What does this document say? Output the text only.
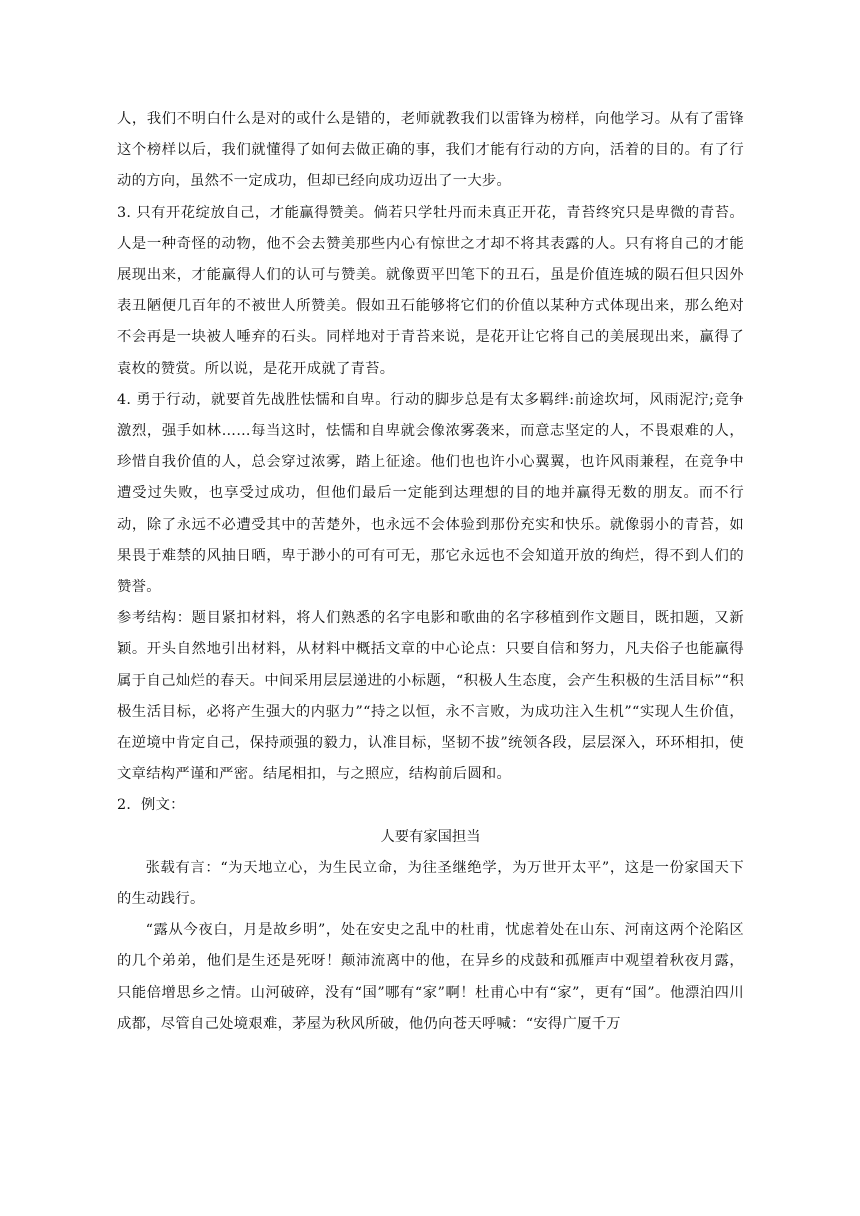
人，我们不明白什么是对的或什么是错的，老师就教我们以雷锋为榜样，向他学习。从有了雷锋这个榜样以后，我们就懂得了如何去做正确的事，我们才能有行动的方向，活着的目的。有了行动的方向，虽然不一定成功，但却已经向成功迈出了一大步。

3. 只有开花绽放自己，才能赢得赞美。倘若只学牡丹而未真正开花，青苔终究只是卑微的青苔。人是一种奇怪的动物，他不会去赞美那些内心有惊世之才却不将其表露的人。只有将自己的才能展现出来，才能赢得人们的认可与赞美。就像贾平凹笔下的丑石，虽是价值连城的陨石但只因外表丑陋便几百年的不被世人所赞美。假如丑石能够将它们的价值以某种方式体现出来，那么绝对不会再是一块被人唾弃的石头。同样地对于青苔来说，是花开让它将自己的美展现出来，赢得了袁枚的赞赏。所以说，是花开成就了青苔。

4. 勇于行动，就要首先战胜怯懦和自卑。行动的脚步总是有太多羁绊:前途坎坷，风雨泥泞;竞争激烈，强手如林……每当这时，怯懦和自卑就会像浓雾袭来，而意志坚定的人，不畏艰难的人，珍惜自我价值的人，总会穿过浓雾，踏上征途。他们也也许小心翼翼，也许风雨兼程，在竞争中遭受过失败，也享受过成功，但他们最后一定能到达理想的目的地并赢得无数的朋友。而不行动，除了永远不必遭受其中的苦楚外，也永远不会体验到那份充实和快乐。就像弱小的青苔，如果畏于难禁的风抽日晒，卑于渺小的可有可无，那它永远也不会知道开放的绚烂，得不到人们的赞誉。

参考结构：题目紧扣材料，将人们熟悉的名字电影和歌曲的名字移植到作文题目，既扣题，又新颖。开头自然地引出材料，从材料中概括文章的中心论点：只要自信和努力，凡夫俗子也能赢得属于自己灿烂的春天。中间采用层层递进的小标题，“积极人生态度，会产生积极的生活目标”“积极生活目标，必将产生强大的内驱力”“持之以恒，永不言败，为成功注入生机”“实现人生价值，在逆境中肯定自己，保持顽强的毅力，认准目标，坚韧不拔”统领各段，层层深入，环环相扣，使文章结构严谨和严密。结尾相扣，与之照应，结构前后圆和。

2．例文：

人要有家国担当

张载有言：“为天地立心，为生民立命，为往圣继绝学，为万世开太平”，这是一份家国天下的生动践行。

“露从今夜白，月是故乡明”，处在安史之乱中的杜甫，忧虑着处在山东、河南这两个沦陷区的几个弟弟，他们是生还是死呀！颠沛流离中的他，在异乡的戍鼓和孤雁声中观望着秋夜月露，只能倍增思乡之情。山河破碎，没有“国”哪有“家”啊！杜甫心中有“家”，更有“国”。他漂泊四川成都，尽管自己处境艰难，茅屋为秋风所破，他仍向苍天呼喊：“安得广厦千万
